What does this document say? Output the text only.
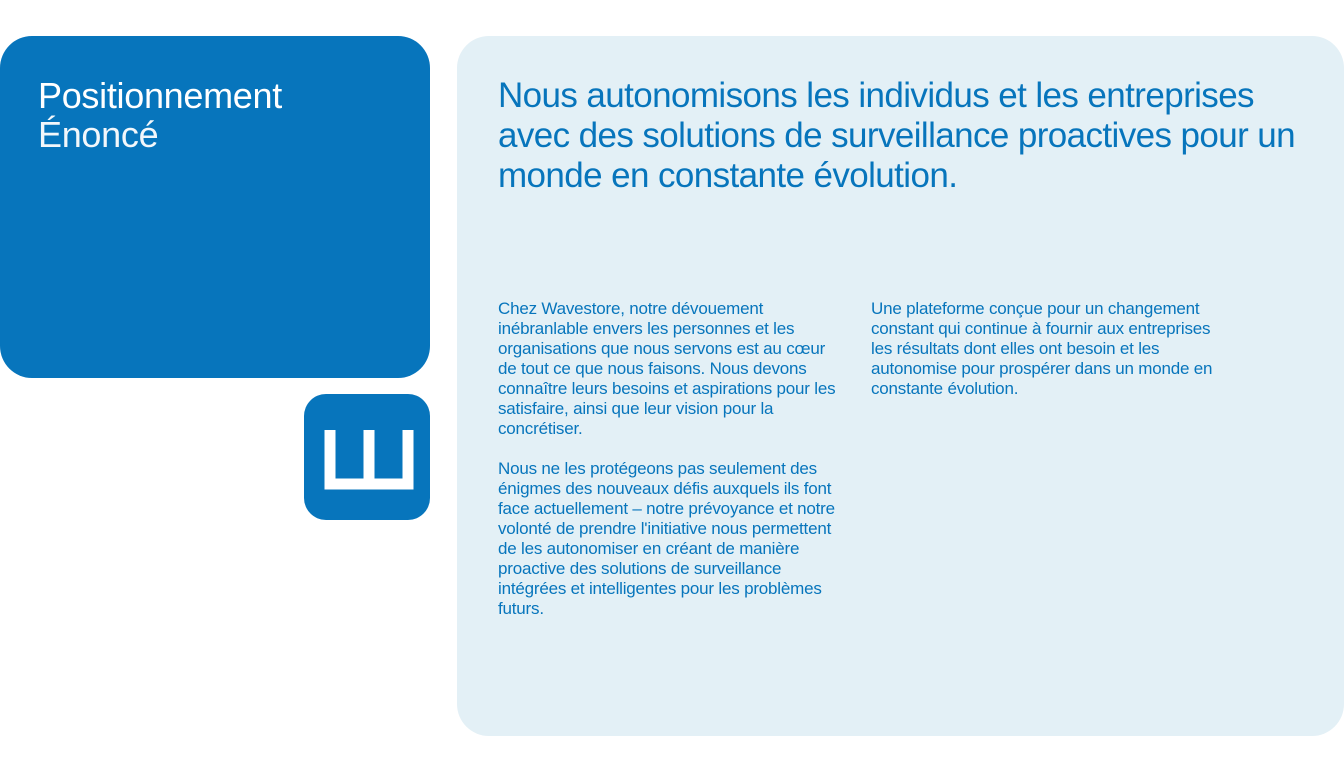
Positionnement
Énoncé
Nous autonomisons les individus et les entreprises avec des solutions de surveillance proactives pour un monde en constante évolution.

Chez Wavestore, notre dévouement inébranlable envers les personnes et les organisations que nous servons est au cœur de tout ce que nous faisons. Nous devons connaître leurs besoins et aspirations pour les satisfaire, ainsi que leur vision pour la concrétiser.

Nous ne les protégeons pas seulement des énigmes des nouveaux défis auxquels ils font face actuellement – notre prévoyance et notre volonté de prendre l'initiative nous permettent de les autonomiser en créant de manière proactive des solutions de surveillance intégrées et intelligentes pour les problèmes futurs.

Une plateforme conçue pour un changement constant qui continue à fournir aux entreprises les résultats dont elles ont besoin et les autonomise pour prospérer dans un monde en constante évolution.
